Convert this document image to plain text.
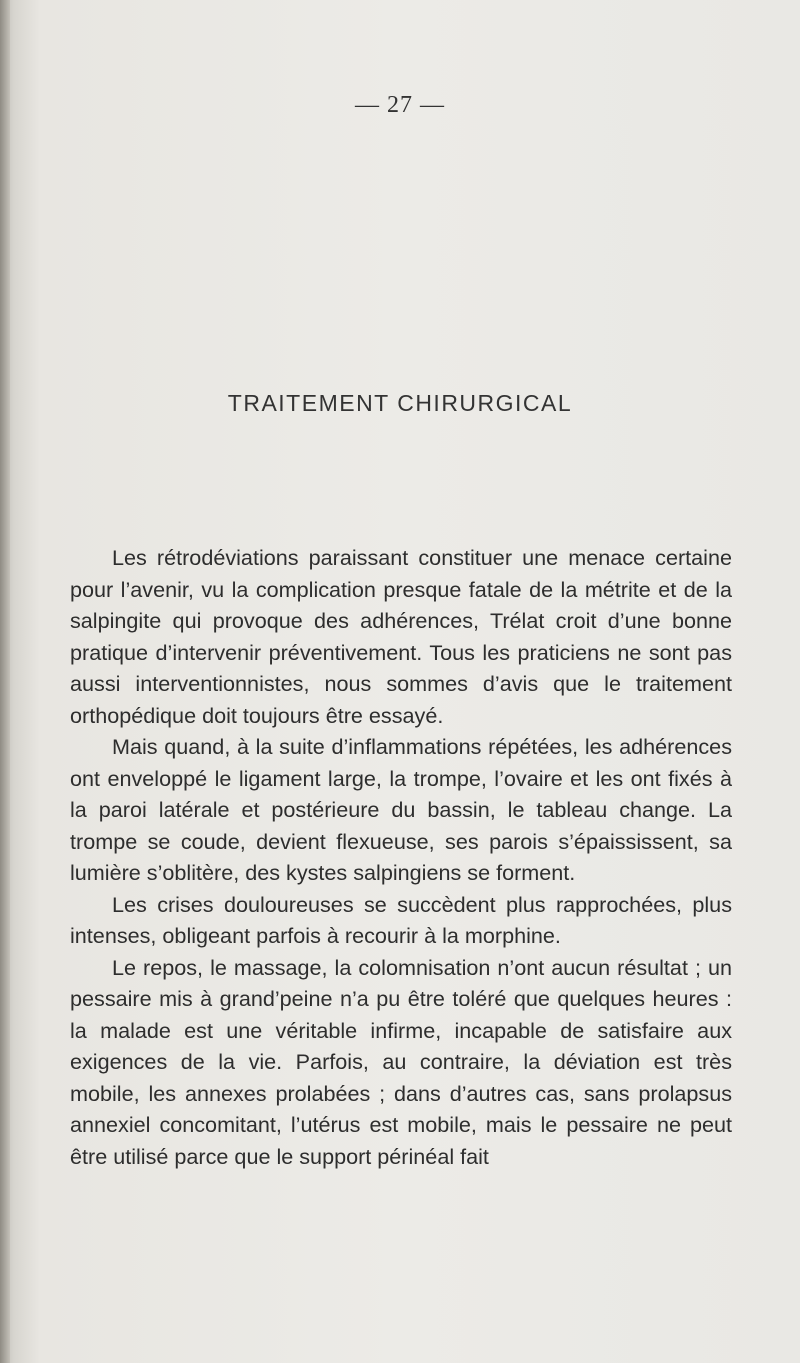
— 27 —
TRAITEMENT CHIRURGICAL

Les rétrodéviations paraissant constituer une menace certaine pour l’avenir, vu la complication presque fatale de la métrite et de la salpingite qui provoque des adhérences, Trélat croit d’une bonne pratique d’intervenir préventivement. Tous les praticiens ne sont pas aussi interventionnistes, nous sommes d’avis que le traitement orthopédique doit toujours être essayé.

Mais quand, à la suite d’inflammations répétées, les adhérences ont enveloppé le ligament large, la trompe, l’ovaire et les ont fixés à la paroi latérale et postérieure du bassin, le tableau change. La trompe se coude, devient flexueuse, ses parois s’épaississent, sa lumière s’oblitère, des kystes salpingiens se forment.

Les crises douloureuses se succèdent plus rapprochées, plus intenses, obligeant parfois à recourir à la morphine.

Le repos, le massage, la colomnisation n’ont aucun résultat ; un pessaire mis à grand’peine n’a pu être toléré que quelques heures : la malade est une véritable infirme, incapable de satisfaire aux exigences de la vie. Parfois, au contraire, la déviation est très mobile, les annexes prolabées ; dans d’autres cas, sans prolapsus annexiel concomitant, l’utérus est mobile, mais le pessaire ne peut être utilisé parce que le support périnéal fait
